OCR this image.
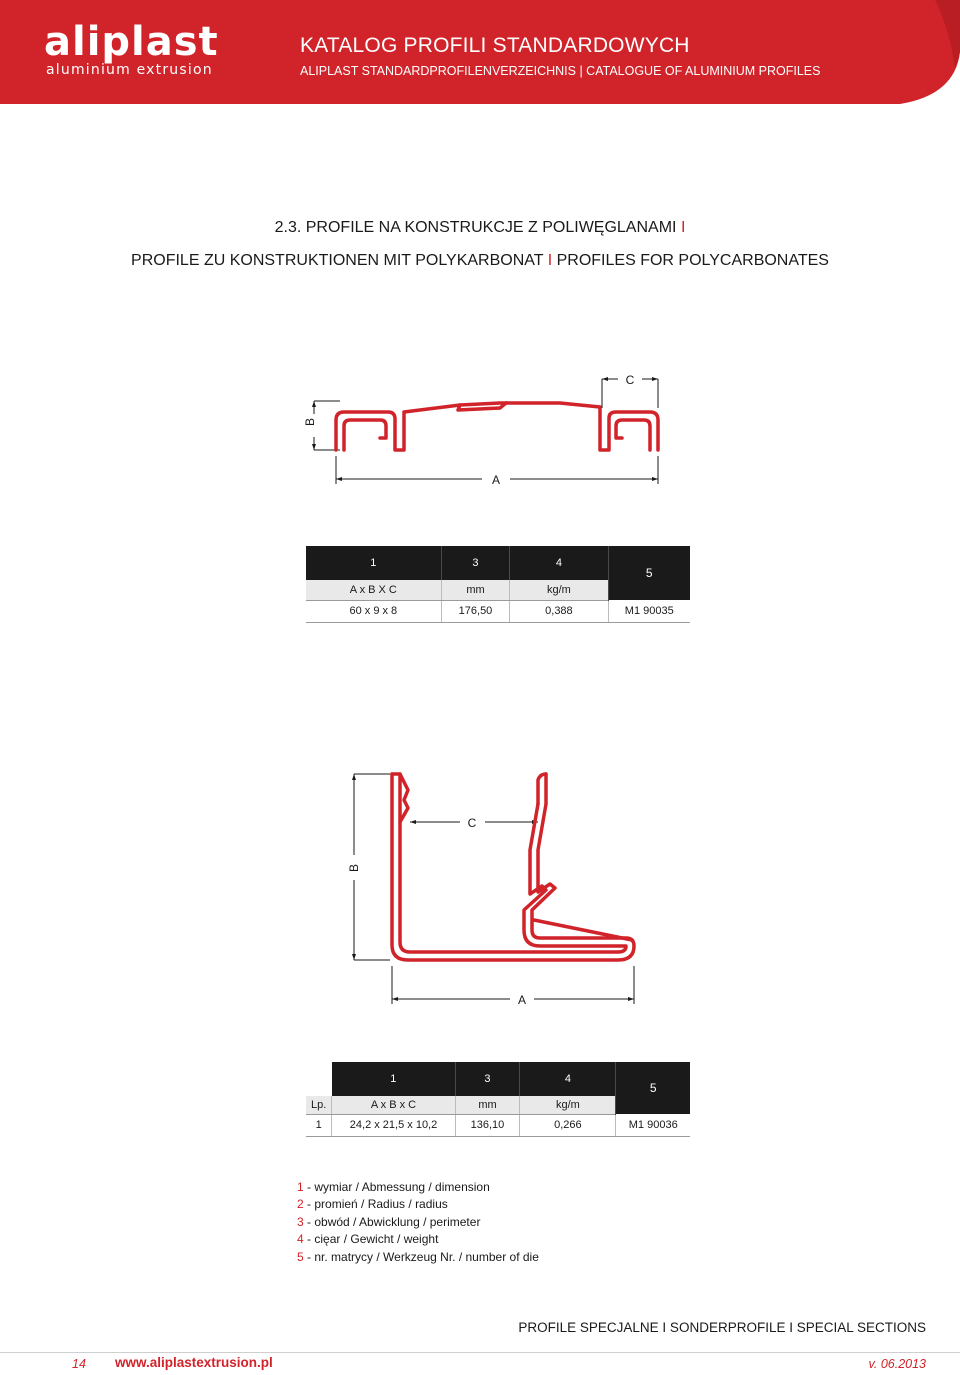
aliplast
aluminium extrusion
KATALOG PROFILI STANDARDOWYCH
ALIPLAST STANDARDPROFILENVERZEICHNIS | CATALOGUE OF ALUMINIUM PROFILES
2.3. PROFILE NA KONSTRUKCJE Z POLIWĘGLANAMI I
PROFILE ZU KONSTRUKTIONEN MIT POLYKARBONAT I PROFILES FOR POLYCARBONATES
C
B
A
1	3	4	5
A x B X C	mm	kg/m	
60 x 9 x 8	176,50	0,388	M1 90035
B
C
A
	1	3	4	5
Lp.	A x B x C	mm	kg/m	
1	24,2 x 21,5 x 10,2	136,10	0,266	M1 90036
1 - wymiar / Abmessung / dimension
2 - promień / Radius / radius
3 - obwód / Abwicklung / perimeter
4 - cięar / Gewicht / weight
5 - nr. matrycy / Werkzeug Nr. / number of die
PROFILE SPECJALNE I SONDERPROFILE I SPECIAL SECTIONS
14 www.aliplastextrusion.pl	v. 06.2013
